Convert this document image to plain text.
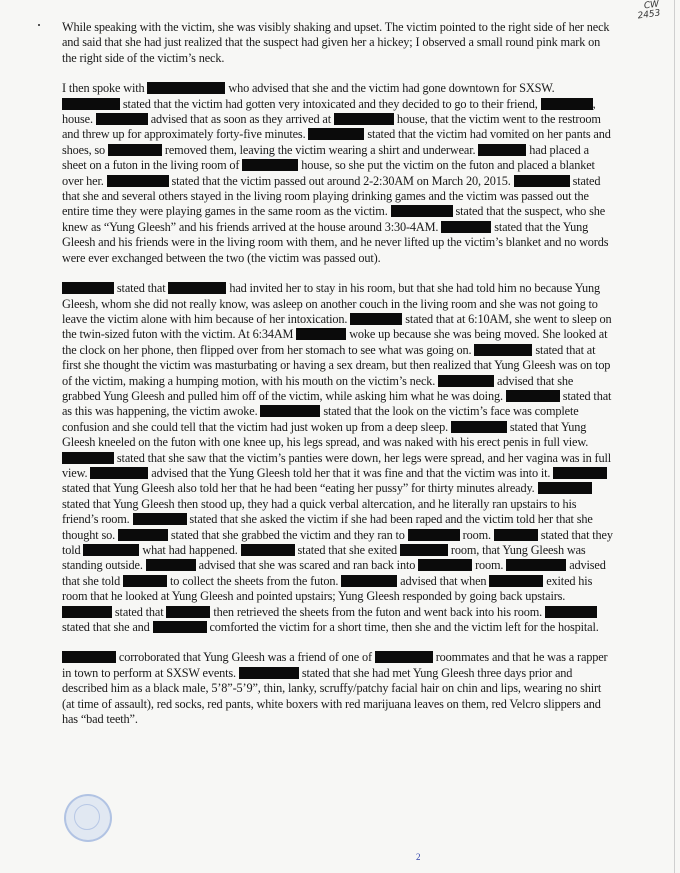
CW
2453

While speaking with the victim, she was visibly shaking and upset. The victim pointed to the right side of her neck and said that she had just realized that the suspect had given her a hickey; I observed a small round pink mark on the right side of the victim’s neck.

I then spoke with	who advised that she and the victim had gone downtown for SXSW.  stated that the victim had gotten very intoxicated and they decided to go to their friend,	, house.	advised that as soon as they arrived at	house, that the victim went to the restroom and threw up for approximately forty-five minutes.	stated that the victim had vomited on her pants and shoes, so	removed them, leaving the victim wearing a shirt and underwear.	had placed a sheet on a futon in the living room of	house, so she put the victim on the futon and placed a blanket over her.	stated that the victim passed out around 2-2:30AM on March 20, 2015.	stated that she and several others stayed in the living room playing drinking games and the victim was passed out the entire time they were playing games in the same room as the victim.	stated that the suspect, who she knew as “Yung Gleesh” and his friends arrived at the house around 3:30-4AM.	stated that the Yung Gleesh and his friends were in the living room with them, and he never lifted up the victim’s blanket and no words were ever exchanged between the two (the victim was passed out).

stated that	had invited her to stay in his room, but that she had told him no because Yung Gleesh, whom she did not really know, was asleep on another couch in the living room and she was not going to leave the victim alone with him because of her intoxication.	stated that at 6:10AM, she went to sleep on the twin-sized futon with the victim. At 6:34AM	woke up because she was being moved. She looked at the clock on her phone, then flipped over from her stomach to see what was going on.	stated that at first she thought the victim was masturbating or having a sex dream, but then realized that Yung Gleesh was on top of the victim, making a humping motion, with his mouth on the victim’s neck.	advised that she grabbed Yung Gleesh and pulled him off of the victim, while asking him what he was doing.	stated that as this was happening, the victim awoke.	stated that the look on the victim’s face was complete confusion and she could tell that the victim had just woken up from a deep sleep.	stated that Yung Gleesh kneeled on the futon with one knee up, his legs spread, and was naked with his erect penis in full view.  stated that she saw that the victim’s panties were down, her legs were spread, and her vagina was in full view.	advised that the Yung Gleesh told her that it was fine and that the victim was into it.  stated that Yung Gleesh also told her that he had been “eating her pussy” for thirty minutes already.  stated that Yung Gleesh then stood up, they had a quick verbal altercation, and he literally ran upstairs to his friend’s room.	stated that she asked the victim if she had been raped and the victim told her that she thought so.	stated that she grabbed the victim and they ran to	room.	stated that they told	what had happened.	stated that she exited	room, that Yung Gleesh was standing outside.	advised that she was scared and ran back into	room.	advised that she told	to collect the sheets from the futon.	advised that when	exited his room that he looked at Yung Gleesh and pointed upstairs; Yung Gleesh responded by going back upstairs.  stated that	then retrieved the sheets from the futon and went back into his room.  stated that she and	comforted the victim for a short time, then she and the victim left for the hospital.

corroborated that Yung Gleesh was a friend of one of	roommates and that he was a rapper in town to perform at SXSW events.	stated that she had met Yung Gleesh three days prior and described him as a black male, 5’8”-5’9”, thin, lanky, scruffy/patchy facial hair on chin and lips, wearing no shirt (at time of assault), red socks, red pants, white boxers with red marijuana leaves on them, red Velcro slippers and has “bad teeth”.

2
